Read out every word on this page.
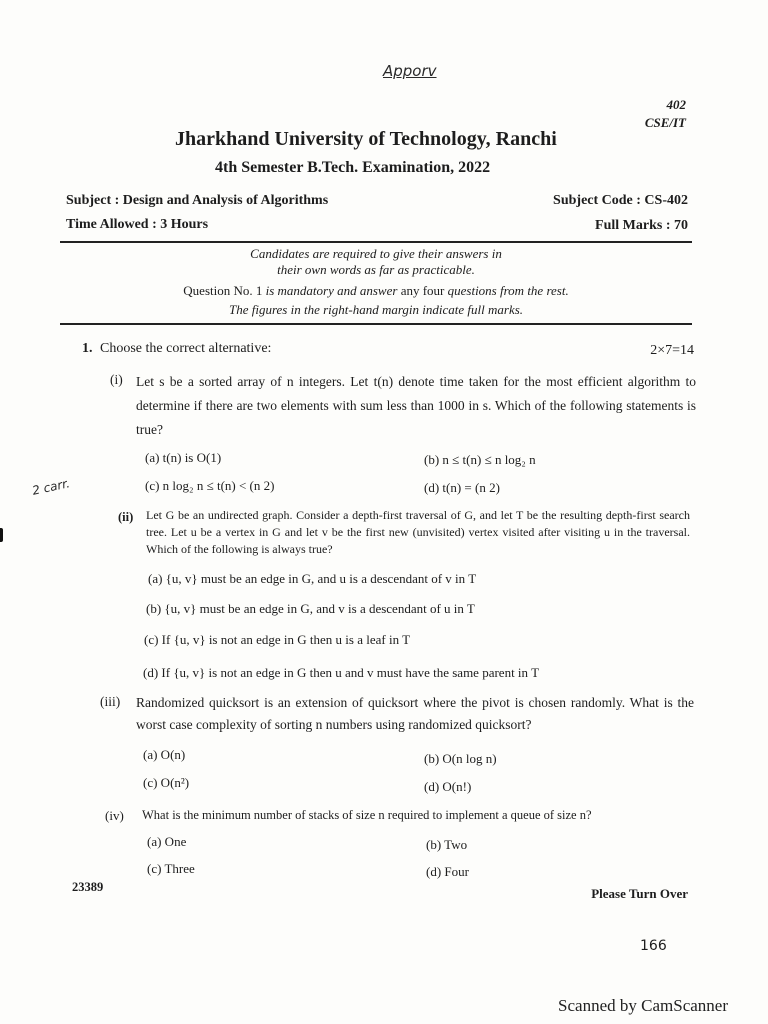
Apporv
2 carr.
402
CSE/IT
Jharkhand University of Technology, Ranchi
4th Semester B.Tech. Examination, 2022
Subject : Design and Analysis of Algorithms	Subject Code : CS-402
Time Allowed : 3 Hours	Full Marks : 70
Candidates are required to give their answers in
their own words as far as practicable.
Question No. 1 is mandatory and answer any four questions from the rest.
The figures in the right-hand margin indicate full marks.
1. Choose the correct alternative:	2×7=14
(i) Let s be a sorted array of n integers. Let t(n) denote time taken for the most efficient algorithm to determine if there are two elements with sum less than 1000 in s. Which of the following statements is true?
(a) t(n) is O(1)	(b) n ≤ t(n) ≤ n log₂ n
(c) n log₂ n ≤ t(n) < (n 2)	(d) t(n) = (n 2)
(ii) Let G be an undirected graph. Consider a depth-first traversal of G, and let T be the resulting depth-first search tree. Let u be a vertex in G and let v be the first new (unvisited) vertex visited after visiting u in the traversal. Which of the following is always true?
(a) {u, v} must be an edge in G, and u is a descendant of v in T
(b) {u, v} must be an edge in G, and v is a descendant of u in T
(c) If {u, v} is not an edge in G then u is a leaf in T
(d) If {u, v} is not an edge in G then u and v must have the same parent in T
(iii) Randomized quicksort is an extension of quicksort where the pivot is chosen randomly. What is the worst case complexity of sorting n numbers using randomized quicksort?
(a) O(n)	(b) O(n log n)
(c) O(n²)	(d) O(n!)
(iv) What is the minimum number of stacks of size n required to implement a queue of size n?
(a) One	(b) Two
(c) Three	(d) Four
23389	Please Turn Over
166
Scanned by CamScanner
